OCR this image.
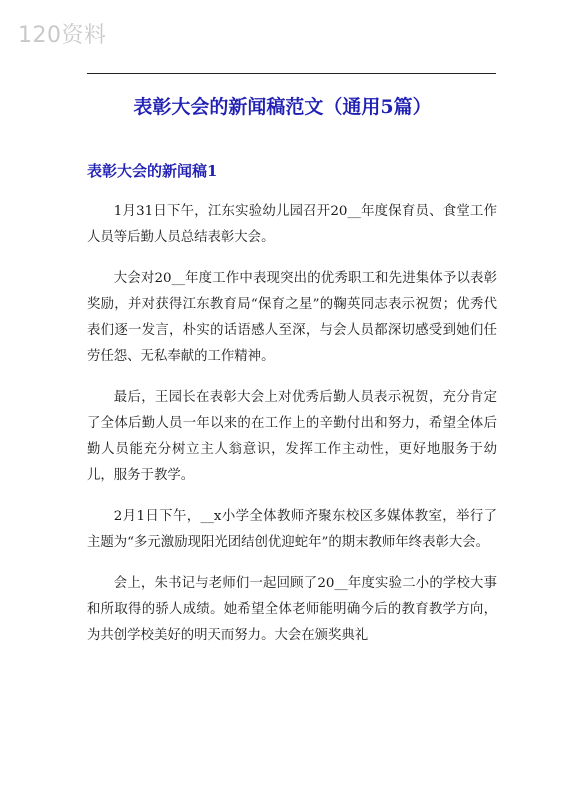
120资料
表彰大会的新闻稿范文（通用5篇）
表彰大会的新闻稿1

1月31日下午，江东实验幼儿园召开20__年度保育员、食堂工作人员等后勤人员总结表彰大会。

大会对20__年度工作中表现突出的优秀职工和先进集体予以表彰奖励，并对获得江东教育局“保育之星”的鞠英同志表示祝贺；优秀代表们逐一发言，朴实的话语感人至深，与会人员都深切感受到她们任劳任怨、无私奉献的工作精神。

最后，王园长在表彰大会上对优秀后勤人员表示祝贺，充分肯定了全体后勤人员一年以来的在工作上的辛勤付出和努力，希望全体后勤人员能充分树立主人翁意识，发挥工作主动性，更好地服务于幼儿，服务于教学。

2月1日下午，__x小学全体教师齐聚东校区多媒体教室，举行了主题为“多元激励现阳光团结创优迎蛇年”的期末教师年终表彰大会。

会上，朱书记与老师们一起回顾了20__年度实验二小的学校大事和所取得的骄人成绩。她希望全体老师能明确今后的教育教学方向，为共创学校美好的明天而努力。大会在颁奖典礼
